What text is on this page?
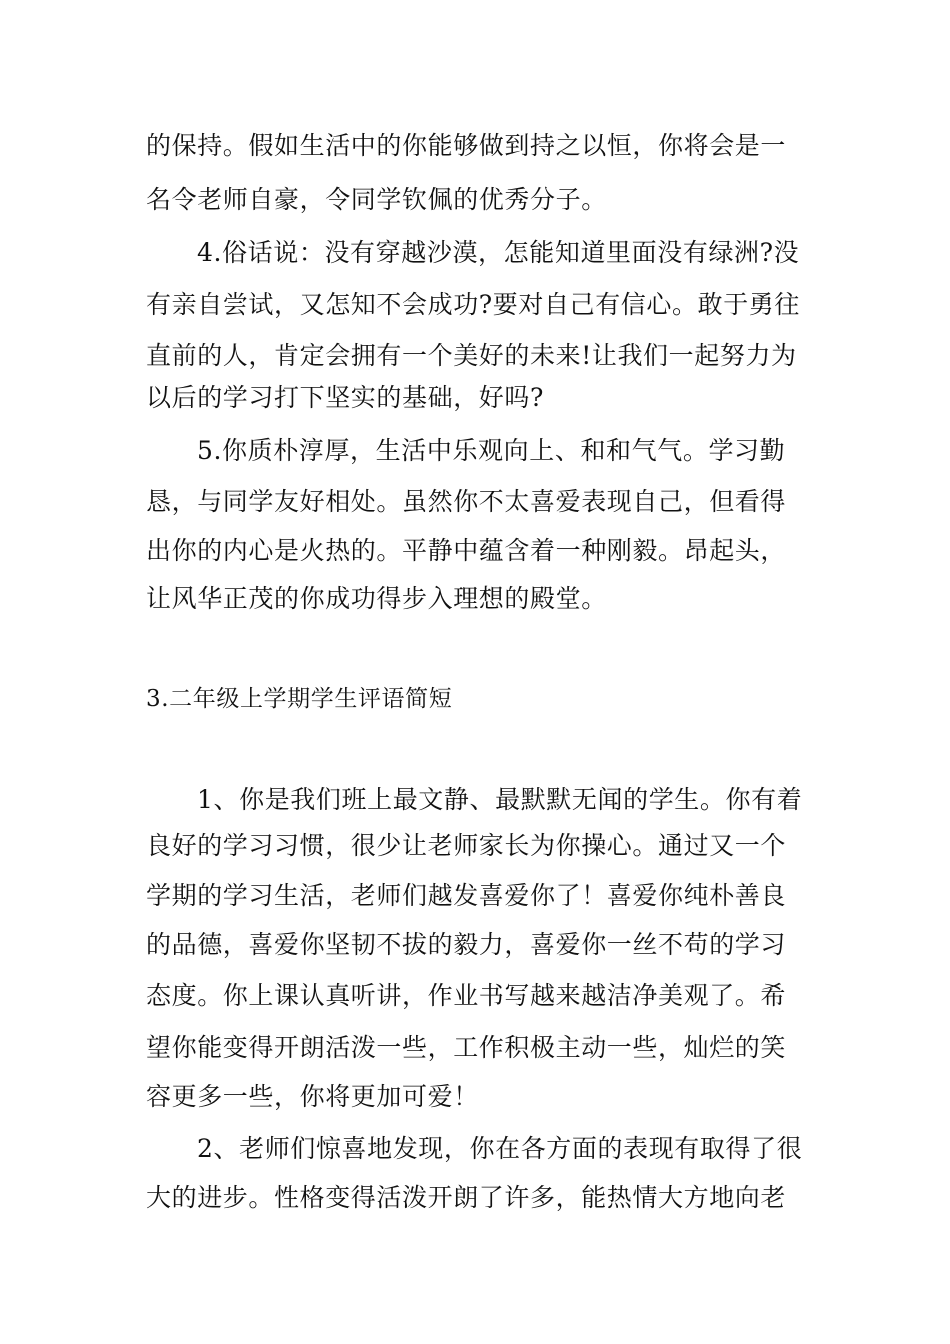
的保持。假如生活中的你能够做到持之以恒，你将会是一
名令老师自豪，令同学钦佩的优秀分子。
4.俗话说：没有穿越沙漠，怎能知道里面没有绿洲?没
有亲自尝试，又怎知不会成功?要对自己有信心。敢于勇往
直前的人，肯定会拥有一个美好的未来!让我们一起努力为
以后的学习打下坚实的基础，好吗?
5.你质朴淳厚，生活中乐观向上、和和气气。学习勤
恳，与同学友好相处。虽然你不太喜爱表现自己，但看得
出你的内心是火热的。平静中蕴含着一种刚毅。昂起头，
让风华正茂的你成功得步入理想的殿堂。
3.二年级上学期学生评语简短
1、你是我们班上最文静、最默默无闻的学生。你有着
良好的学习习惯，很少让老师家长为你操心。通过又一个
学期的学习生活，老师们越发喜爱你了！喜爱你纯朴善良
的品德，喜爱你坚韧不拔的毅力，喜爱你一丝不苟的学习
态度。你上课认真听讲，作业书写越来越洁净美观了。希
望你能变得开朗活泼一些，工作积极主动一些，灿烂的笑
容更多一些，你将更加可爱！
2、老师们惊喜地发现，你在各方面的表现有取得了很
大的进步。性格变得活泼开朗了许多，能热情大方地向老
